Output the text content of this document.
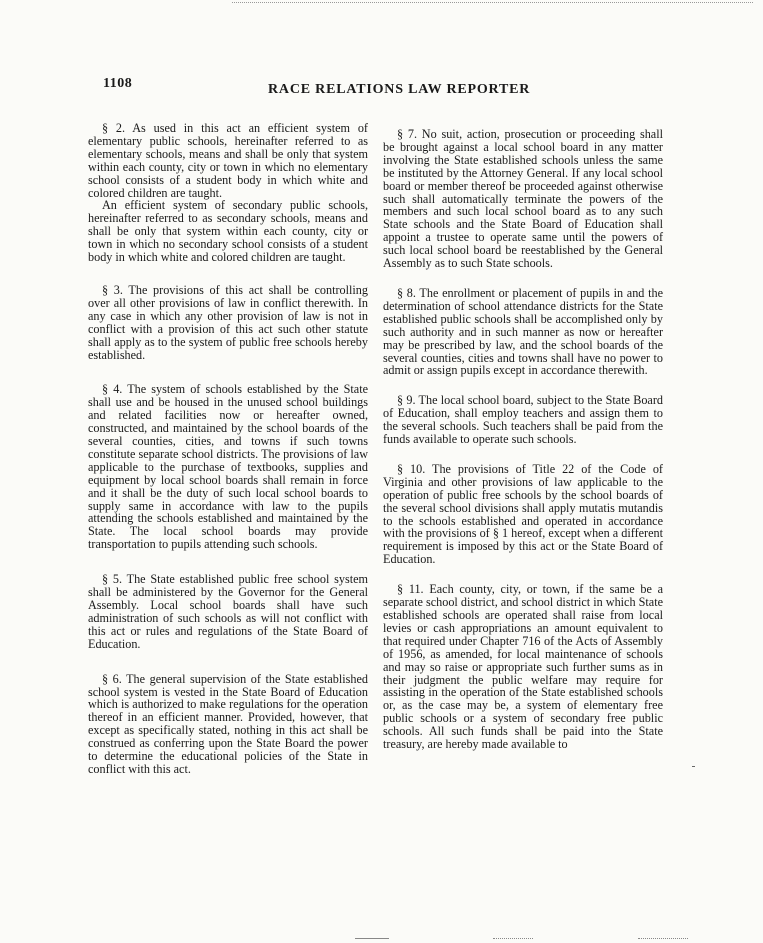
1108	RACE RELATIONS LAW REPORTER

§ 2. As used in this act an efficient system of elementary public schools, hereinafter referred to as elementary schools, means and shall be only that system within each county, city or town in which no elementary school consists of a student body in which white and colored children are taught.

An efficient system of secondary public schools, hereinafter referred to as secondary schools, means and shall be only that system within each county, city or town in which no secondary school consists of a student body in which white and colored children are taught.

§ 3. The provisions of this act shall be controlling over all other provisions of law in conflict therewith. In any case in which any other provision of law is not in conflict with a provision of this act such other statute shall apply as to the system of public free schools hereby established.

§ 4. The system of schools established by the State shall use and be housed in the unused school buildings and related facilities now or hereafter owned, constructed, and maintained by the school boards of the several counties, cities, and towns if such towns constitute separate school districts. The provisions of law applicable to the purchase of textbooks, supplies and equipment by local school boards shall remain in force and it shall be the duty of such local school boards to supply same in accordance with law to the pupils attending the schools established and maintained by the State. The local school boards may provide transportation to pupils attending such schools.

§ 5. The State established public free school system shall be administered by the Governor for the General Assembly. Local school boards shall have such administration of such schools as will not conflict with this act or rules and regulations of the State Board of Education.

§ 6. The general supervision of the State established school system is vested in the State Board of Education which is authorized to make regulations for the operation thereof in an efficient manner. Provided, however, that except as specifically stated, nothing in this act shall be construed as conferring upon the State Board the power to determine the educational policies of the State in conflict with this act.

§ 7. No suit, action, prosecution or proceeding shall be brought against a local school board in any matter involving the State established schools unless the same be instituted by the Attorney General. If any local school board or member thereof be proceeded against otherwise such shall automatically terminate the powers of the members and such local school board as to any such State schools and the State Board of Education shall appoint a trustee to operate same until the powers of such local school board be reestablished by the General Assembly as to such State schools.

§ 8. The enrollment or placement of pupils in and the determination of school attendance districts for the State established public schools shall be accomplished only by such authority and in such manner as now or hereafter may be prescribed by law, and the school boards of the several counties, cities and towns shall have no power to admit or assign pupils except in accordance therewith.

§ 9. The local school board, subject to the State Board of Education, shall employ teachers and assign them to the several schools. Such teachers shall be paid from the funds available to operate such schools.

§ 10. The provisions of Title 22 of the Code of Virginia and other provisions of law applicable to the operation of public free schools by the school boards of the several school divisions shall apply mutatis mutandis to the schools established and operated in accordance with the provisions of § 1 hereof, except when a different requirement is imposed by this act or the State Board of Education.

§ 11. Each county, city, or town, if the same be a separate school district, and school district in which State established schools are operated shall raise from local levies or cash appropriations an amount equivalent to that required under Chapter 716 of the Acts of Assembly of 1956, as amended, for local maintenance of schools and may so raise or appropriate such further sums as in their judgment the public welfare may require for assisting in the operation of the State established schools or, as the case may be, a system of elementary free public schools or a system of secondary free public schools. All such funds shall be paid into the State treasury, are hereby made available to
